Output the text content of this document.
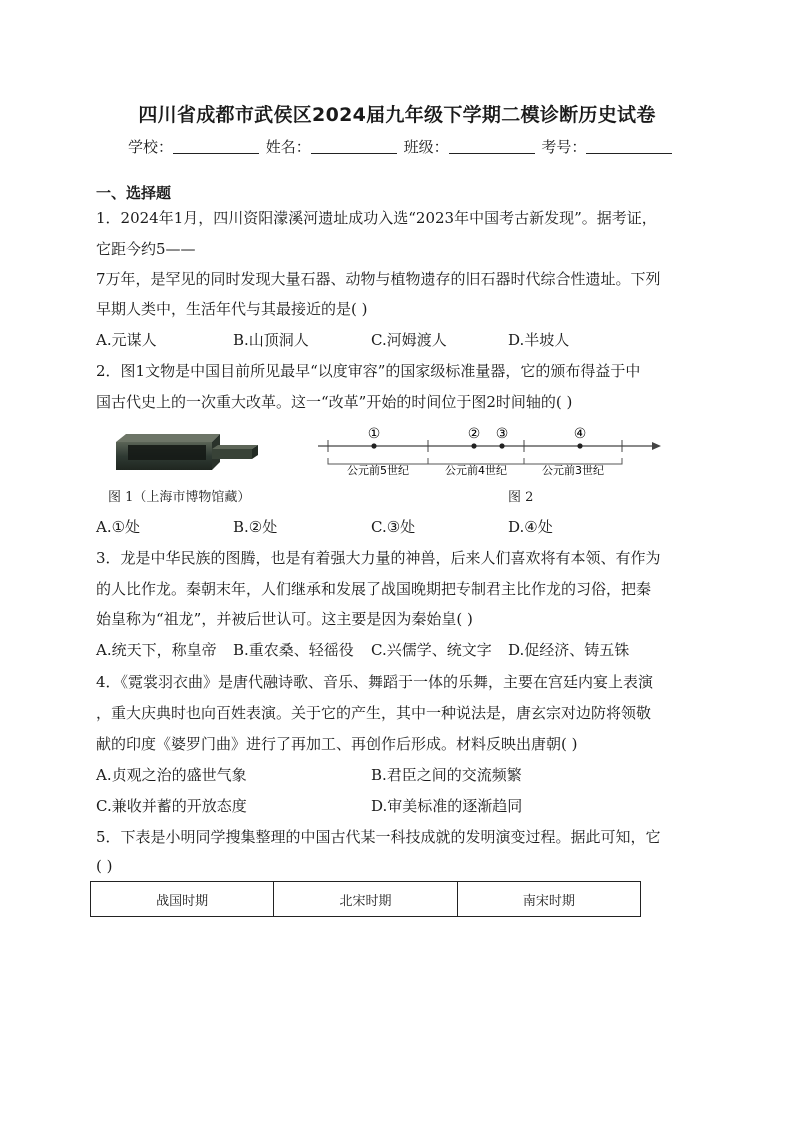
四川省成都市武侯区2024届九年级下学期二模诊断历史试卷
学校：	姓名：	班级：	考号：
一、选择题
1．2024年1月，四川资阳濛溪河遗址成功入选“2023年中国考古新发现”。据考证，
它距今约5——
7万年，是罕见的同时发现大量石器、动物与植物遗存的旧石器时代综合性遗址。下列
早期人类中，生活年代与其最接近的是( )
A.元谋人	B.山顶洞人	C.河姆渡人	D.半坡人
2．图1文物是中国目前所见最早“以度审容”的国家级标准量器，它的颁布得益于中
国古代史上的一次重大改革。这一“改革”开始的时间位于图2时间轴的( )
图 1（上海市博物馆藏）
①	② ③	④
公元前5世纪	公元前4世纪	公元前3世纪
图 2
A.①处	B.②处	C.③处	D.④处
3．龙是中华民族的图腾，也是有着强大力量的神兽，后来人们喜欢将有本领、有作为
的人比作龙。秦朝末年，人们继承和发展了战国晚期把专制君主比作龙的习俗，把秦
始皇称为“祖龙”，并被后世认可。这主要是因为秦始皇( )
A.统天下，称皇帝 B.重农桑、轻徭役 C.兴儒学、统文字 D.促经济、铸五铢
4．《霓裳羽衣曲》是唐代融诗歌、音乐、舞蹈于一体的乐舞，主要在宫廷内宴上表演
，重大庆典时也向百姓表演。关于它的产生，其中一种说法是，唐玄宗对边防将领敬
献的印度《婆罗门曲》进行了再加工、再创作后形成。材料反映出唐朝( )
A.贞观之治的盛世气象	B.君臣之间的交流频繁
C.兼收并蓄的开放态度	D.审美标准的逐渐趋同
5．下表是小明同学搜集整理的中国古代某一科技成就的发明演变过程。据此可知，它
( )
战国时期	北宋时期	南宋时期
